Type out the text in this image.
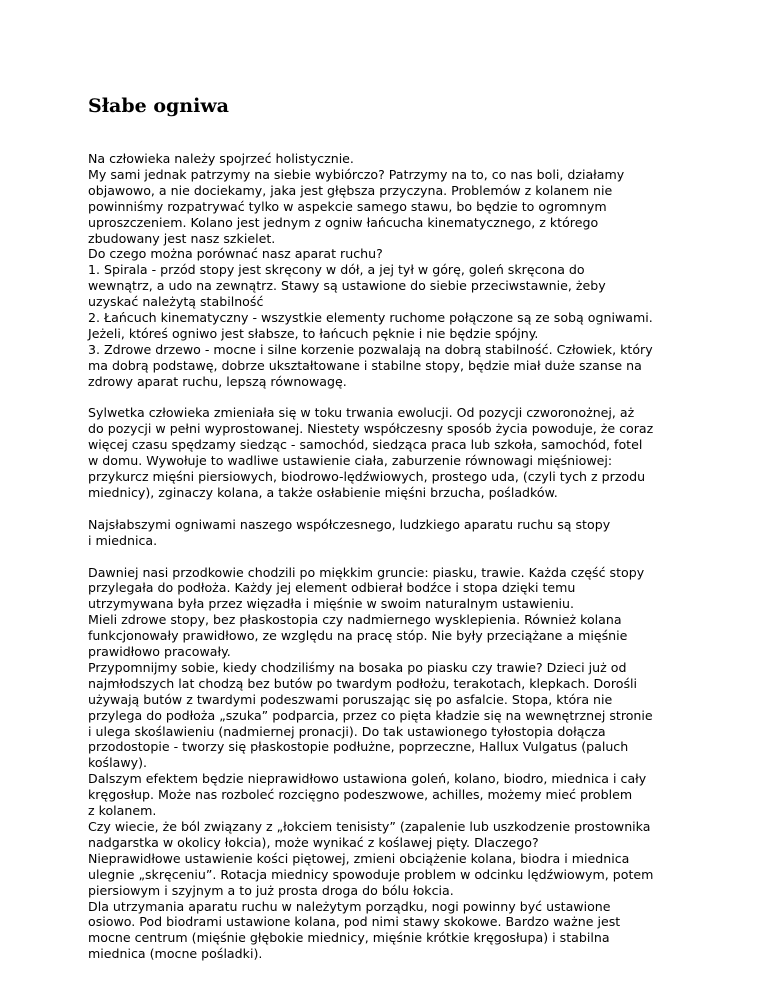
Słabe ogniwa

Na człowieka należy spojrzeć holistycznie.
My sami jednak patrzymy na siebie wybiórczo? Patrzymy na to, co nas boli, działamy
objawowo, a nie dociekamy, jaka jest głębsza przyczyna. Problemów z kolanem nie
powinniśmy rozpatrywać tylko w aspekcie samego stawu, bo będzie to ogromnym
uproszczeniem. Kolano jest jednym z ogniw łańcucha kinematycznego, z którego
zbudowany jest nasz szkielet.
Do czego można porównać nasz aparat ruchu?
1. Spirala - przód stopy jest skręcony w dół, a jej tył w górę, goleń skręcona do
wewnątrz, a udo na zewnątrz. Stawy są ustawione do siebie przeciwstawnie, żeby
uzyskać należytą stabilność
2. Łańcuch kinematyczny - wszystkie elementy ruchome połączone są ze sobą ogniwami.
Jeżeli, któreś ogniwo jest słabsze, to łańcuch pęknie i nie będzie spójny.
3. Zdrowe drzewo - mocne i silne korzenie pozwalają na dobrą stabilność. Człowiek, który
ma dobrą podstawę, dobrze ukształtowane i stabilne stopy, będzie miał duże szanse na
zdrowy aparat ruchu, lepszą równowagę.

Sylwetka człowieka zmieniała się w toku trwania ewolucji. Od pozycji czworonożnej, aż
do pozycji w pełni wyprostowanej. Niestety współczesny sposób życia powoduje, że coraz
więcej czasu spędzamy siedząc - samochód, siedząca praca lub szkoła, samochód, fotel
w domu. Wywołuje to wadliwe ustawienie ciała, zaburzenie równowagi mięśniowej:
przykurcz mięśni piersiowych, biodrowo-lędźwiowych, prostego uda, (czyli tych z przodu
miednicy), zginaczy kolana, a także osłabienie mięśni brzucha, pośladków.

Najsłabszymi ogniwami naszego współczesnego, ludzkiego aparatu ruchu są stopy
i miednica.

Dawniej nasi przodkowie chodzili po miękkim gruncie: piasku, trawie. Każda część stopy
przylegała do podłoża. Każdy jej element odbierał bodźce i stopa dzięki temu
utrzymywana była przez więzadła i mięśnie w swoim naturalnym ustawieniu.
Mieli zdrowe stopy, bez płaskostopia czy nadmiernego wysklepienia. Również kolana
funkcjonowały prawidłowo, ze względu na pracę stóp. Nie były przeciążane a mięśnie
prawidłowo pracowały.
Przypomnijmy sobie, kiedy chodziliśmy na bosaka po piasku czy trawie? Dzieci już od
najmłodszych lat chodzą bez butów po twardym podłożu, terakotach, klepkach. Dorośli
używają butów z twardymi podeszwami poruszając się po asfalcie. Stopa, która nie
przylega do podłoża „szuka” podparcia, przez co pięta kładzie się na wewnętrznej stronie
i ulega skoślawieniu (nadmiernej pronacji). Do tak ustawionego tyłostopia dołącza
przodostopie - tworzy się płaskostopie podłużne, poprzeczne, Hallux Vulgatus (paluch
koślawy).
Dalszym efektem będzie nieprawidłowo ustawiona goleń, kolano, biodro, miednica i cały
kręgosłup. Może nas rozboleć rozcięgno podeszwowe, achilles, możemy mieć problem
z kolanem.
Czy wiecie, że ból związany z „łokciem tenisisty” (zapalenie lub uszkodzenie prostownika
nadgarstka w okolicy łokcia), może wynikać z koślawej pięty. Dlaczego?
Nieprawidłowe ustawienie kości piętowej, zmieni obciążenie kolana, biodra i miednica
ulegnie „skręceniu”. Rotacja miednicy spowoduje problem w odcinku lędźwiowym, potem
piersiowym i szyjnym a to już prosta droga do bólu łokcia.
Dla utrzymania aparatu ruchu w należytym porządku, nogi powinny być ustawione
osiowo. Pod biodrami ustawione kolana, pod nimi stawy skokowe. Bardzo ważne jest
mocne centrum (mięśnie głębokie miednicy, mięśnie krótkie kręgosłupa) i stabilna
miednica (mocne pośladki).
